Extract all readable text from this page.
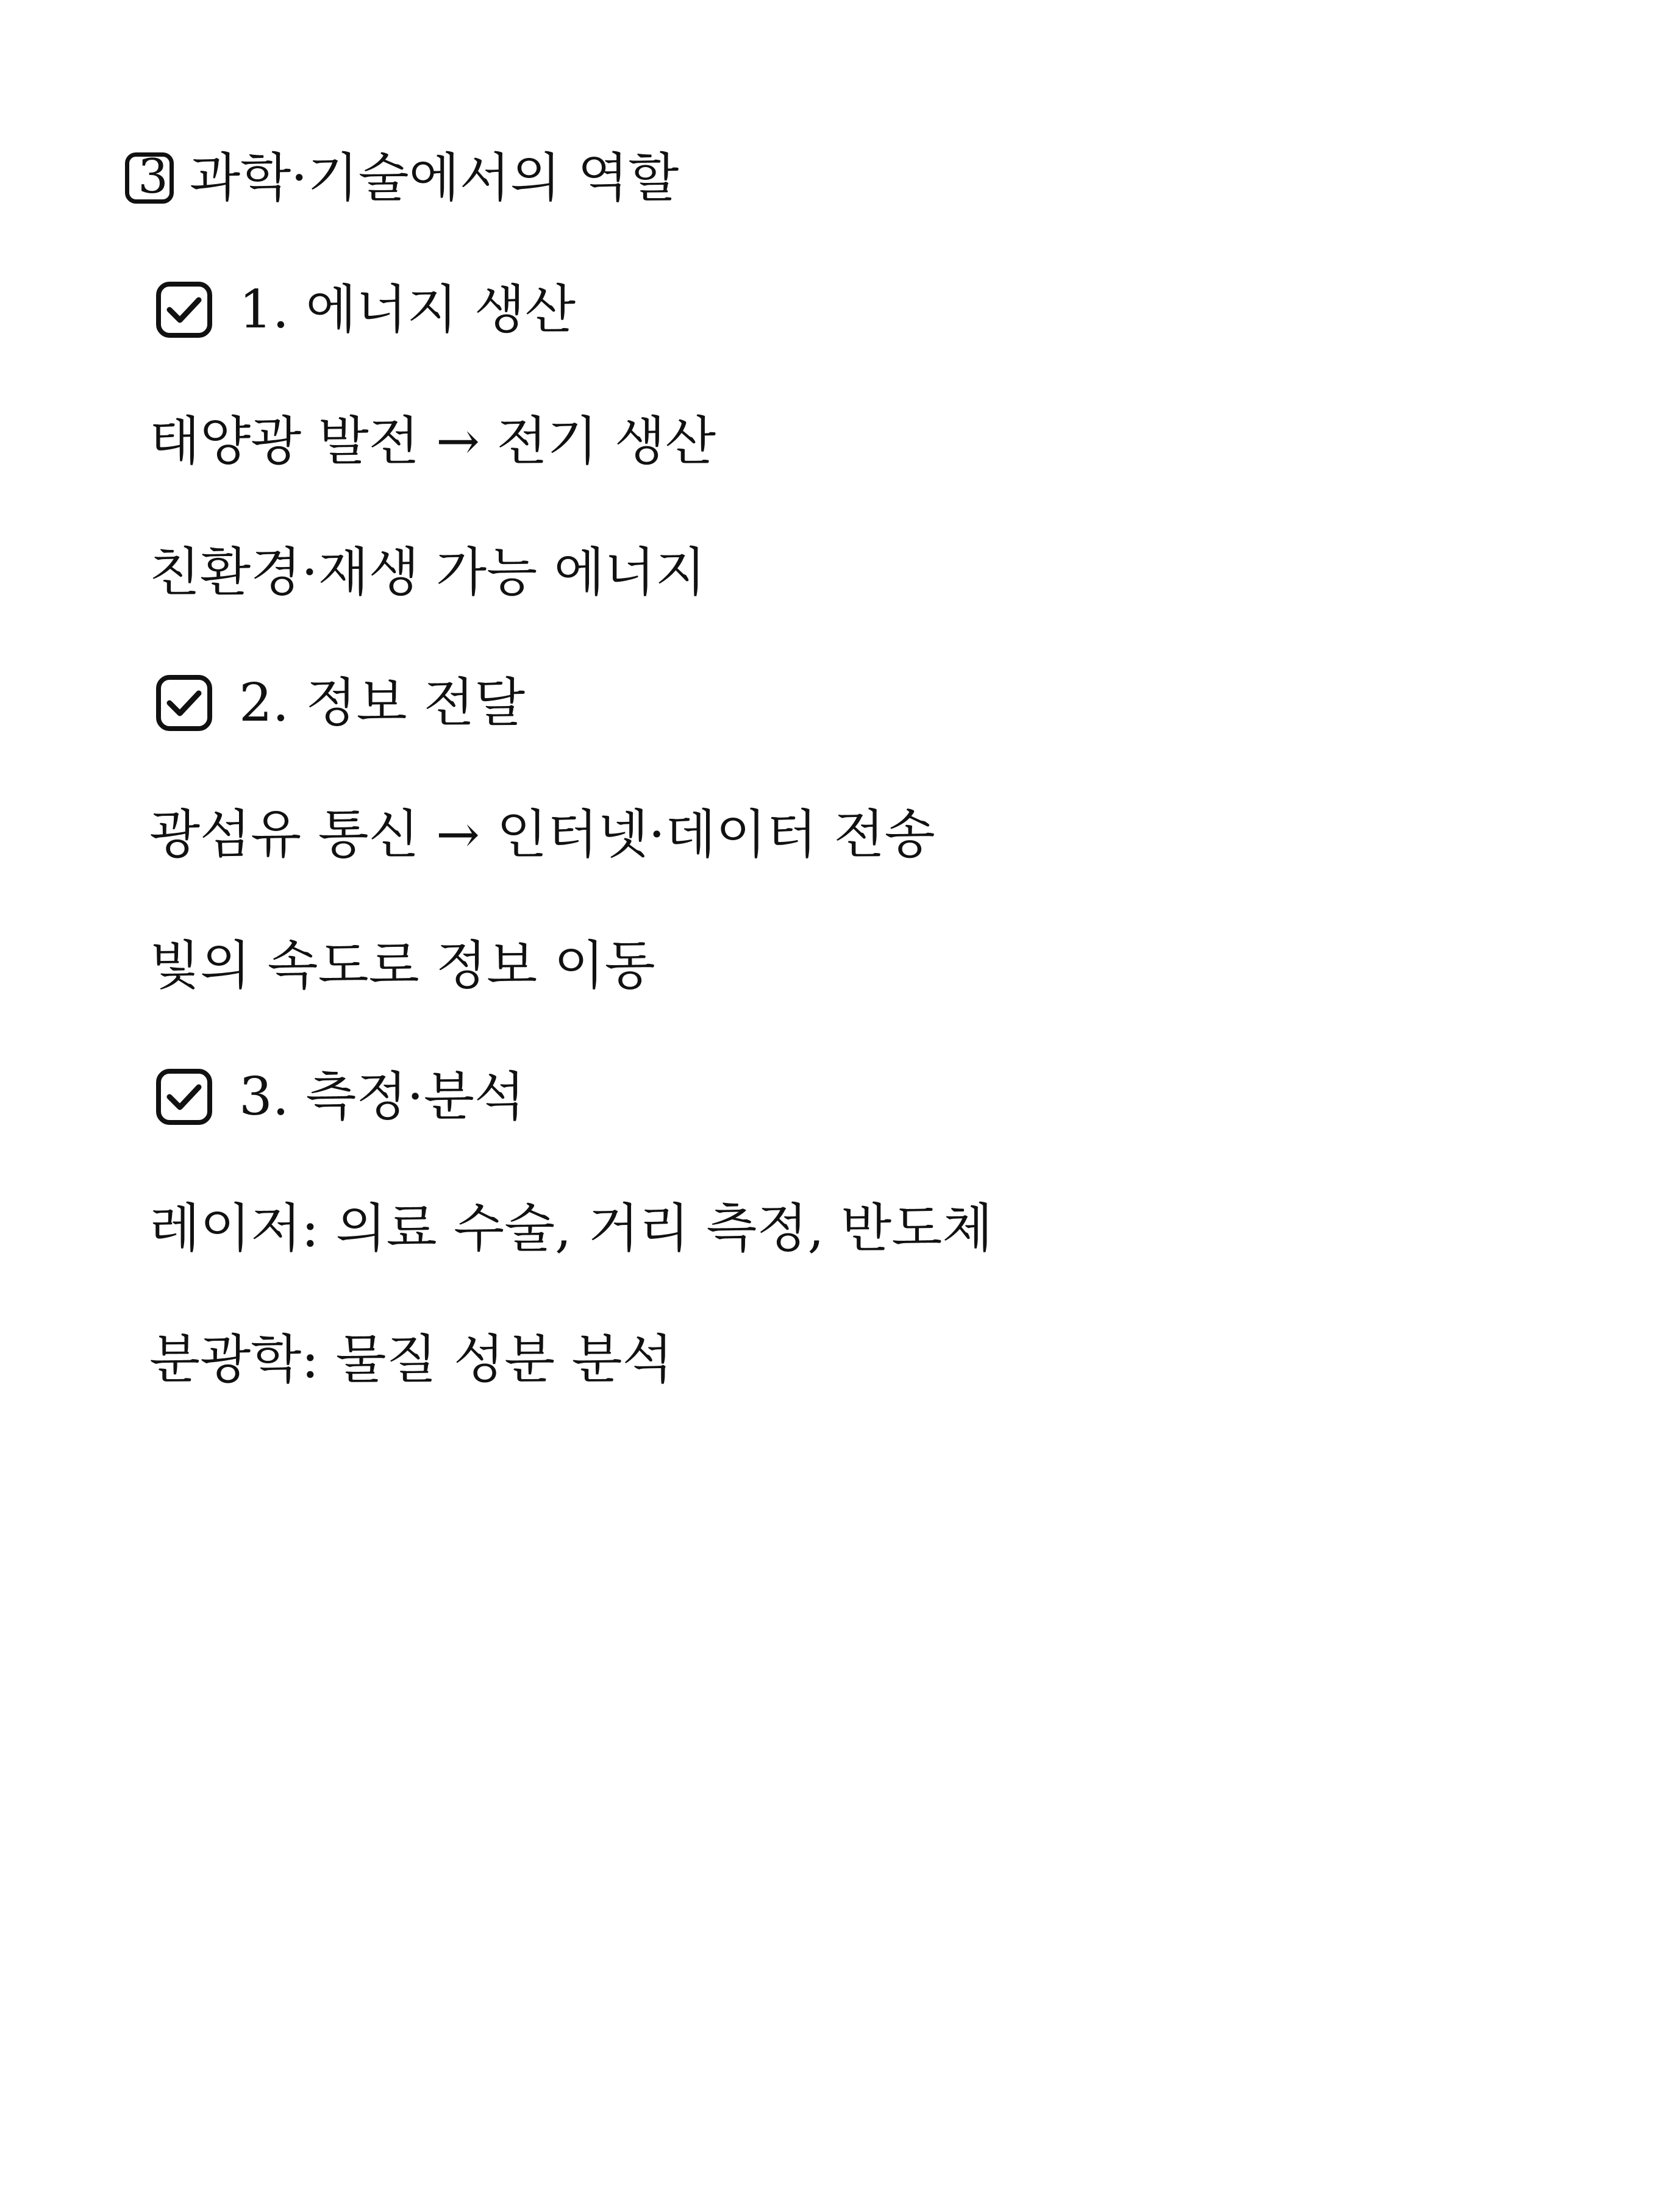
3 과학·기술에서의 역할
1. 에너지 생산
태양광 발전 → 전기 생산
친환경·재생 가능 에너지
2. 정보 전달
광섬유 통신 → 인터넷·데이터 전송
빛의 속도로 정보 이동
3. 측정·분석
레이저: 의료 수술, 거리 측정, 반도체
분광학: 물질 성분 분석
